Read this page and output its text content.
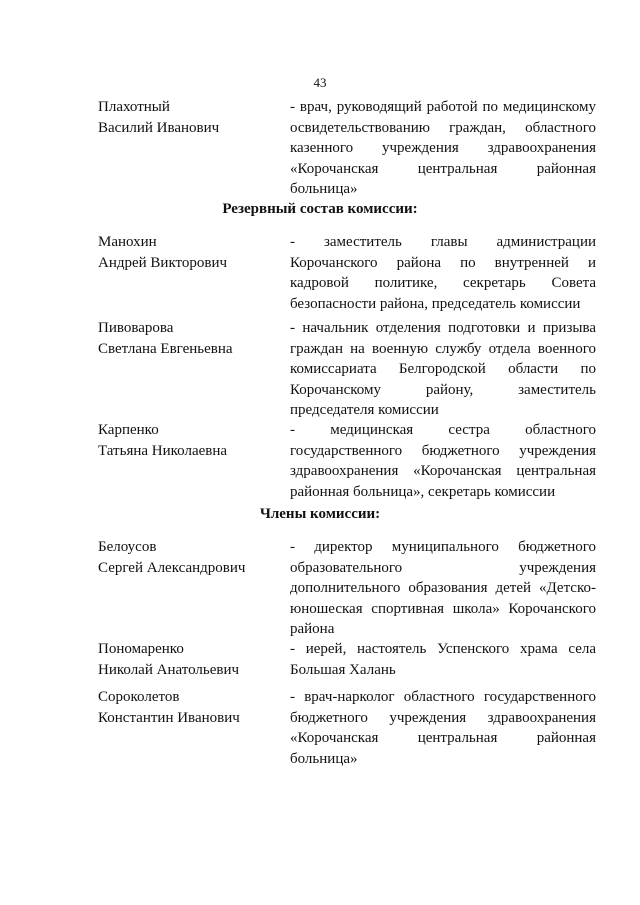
43
Плахотный
Василий Иванович
- врач, руководящий работой по медицинскому освидетельствованию граждан, областного казенного учреждения здравоохранения «Корочанская центральная районная больница»
Резервный состав комиссии:
Манохин
Андрей Викторович
- заместитель главы администрации Корочанского района по внутренней и кадровой политике, секретарь Совета безопасности района, председатель комиссии
Пивоварова
Светлана Евгеньевна
- начальник отделения подготовки и призыва граждан на военную службу отдела военного комиссариата Белгородской области по Корочанскому району, заместитель председателя комиссии
Карпенко
Татьяна Николаевна
- медицинская сестра областного государственного бюджетного учреждения здравоохранения «Корочанская центральная районная больница», секретарь комиссии
Члены комиссии:
Белоусов
Сергей Александрович
- директор муниципального бюджетного образовательного учреждения дополнительного образования детей «Детско-юношеская спортивная школа» Корочанского района
Пономаренко
Николай Анатольевич
- иерей, настоятель Успенского храма села Большая Халань
Сороколетов
Константин Иванович
- врач-нарколог областного государственного бюджетного учреждения здравоохранения «Корочанская центральная районная больница»
